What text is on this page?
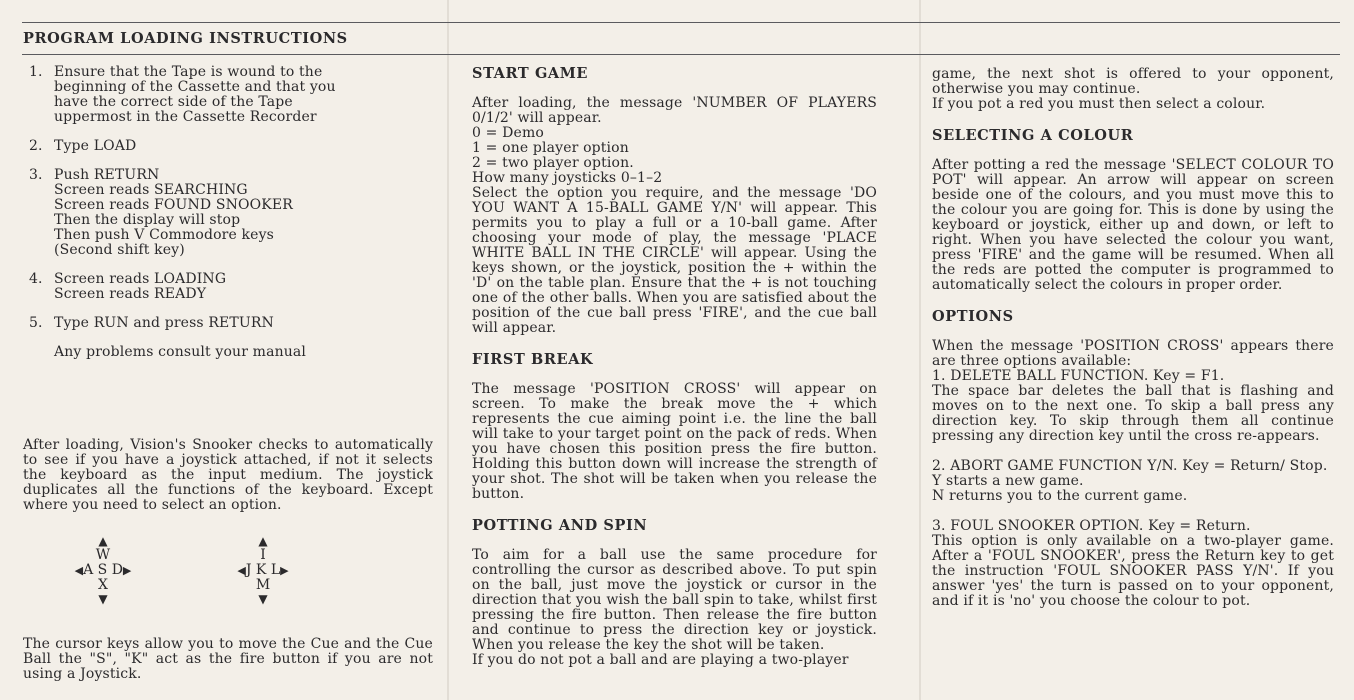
PROGRAM LOADING INSTRUCTIONS
1. Ensure that the Tape is wound to the
beginning of the Cassette and that you
have the correct side of the Tape
uppermost in the Cassette Recorder
2. Type LOAD
3. Push RETURN
Screen reads SEARCHING
Screen reads FOUND SNOOKER
Then the display will stop
Then push V Commodore keys
(Second shift key)
4. Screen reads LOADING
Screen reads READY
5. Type RUN and press RETURN

Any problems consult your manual

After loading, Vision's Snooker checks to automatically to see if you have a joystick attached, if not it selects the keyboard as the input medium. The joystick duplicates all the functions of the keyboard. Except where you need to select an option.

▲
W
◀A S D▶
X
▼
▲
I
◀J K L▶
M
▼

The cursor keys allow you to move the Cue and the Cue Ball the "S", "K" act as the fire button if you are not using a Joystick.

START GAME

After loading, the message 'NUMBER OF PLAYERS 0/1/2' will appear.

0 = Demo
1 = one player option
2 = two player option.
How many joysticks 0–1–2

Select the option you require, and the message 'DO YOU WANT A 15-BALL GAME Y/N' will appear. This permits you to play a full or a 10-ball game. After choosing your mode of play, the message 'PLACE WHITE BALL IN THE CIRCLE' will appear. Using the keys shown, or the joystick, position the + within the 'D' on the table plan. Ensure that the + is not touching one of the other balls. When you are satisfied about the position of the cue ball press 'FIRE', and the cue ball will appear.

FIRST BREAK

The message 'POSITION CROSS' will appear on screen. To make the break move the + which represents the cue aiming point i.e. the line the ball will take to your target point on the pack of reds. When you have chosen this position press the fire button. Holding this button down will increase the strength of your shot. The shot will be taken when you release the button.

POTTING AND SPIN

To aim for a ball use the same procedure for controlling the cursor as described above. To put spin on the ball, just move the joystick or cursor in the direction that you wish the ball spin to take, whilst first pressing the fire button. Then release the fire button and continue to press the direction key or joystick. When you release the key the shot will be taken.

If you do not pot a ball and are playing a two-player

game, the next shot is offered to your opponent, otherwise you may continue.

If you pot a red you must then select a colour.

SELECTING A COLOUR

After potting a red the message 'SELECT COLOUR TO POT' will appear. An arrow will appear on screen beside one of the colours, and you must move this to the colour you are going for. This is done by using the keyboard or joystick, either up and down, or left to right. When you have selected the colour you want, press 'FIRE' and the game will be resumed. When all the reds are potted the computer is programmed to automatically select the colours in proper order.

OPTIONS

When the message 'POSITION CROSS' appears there are three options available:

1. DELETE BALL FUNCTION. Key = F1.

The space bar deletes the ball that is flashing and moves on to the next one. To skip a ball press any direction key. To skip through them all continue pressing any direction key until the cross re-appears.

2. ABORT GAME FUNCTION Y/N. Key = Return/ Stop.

Y starts a new game.

N returns you to the current game.

3. FOUL SNOOKER OPTION. Key = Return.

This option is only available on a two-player game. After a 'FOUL SNOOKER', press the Return key to get the instruction 'FOUL SNOOKER PASS Y/N'. If you answer 'yes' the turn is passed on to your opponent, and if it is 'no' you choose the colour to pot.
